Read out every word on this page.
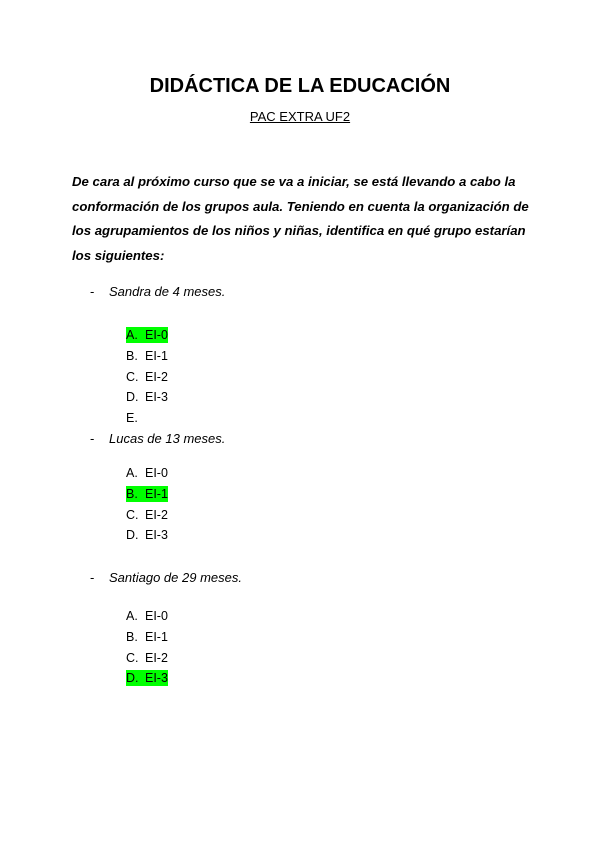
DIDÁCTICA DE LA EDUCACIÓN
PAC EXTRA UF2

De cara al próximo curso que se va a iniciar, se está llevando a cabo la conformación de los grupos aula. Teniendo en cuenta la organización de los agrupamientos de los niños y niñas, identifica en qué grupo estarían los siguientes:

- Sandra de 4 meses.
A. EI-0
B. EI-1
C. EI-2
D. EI-3
E.
- Lucas de 13 meses.
A. EI-0
B. EI-1
C. EI-2
D. EI-3
- Santiago de 29 meses.
A. EI-0
B. EI-1
C. EI-2
D. EI-3
